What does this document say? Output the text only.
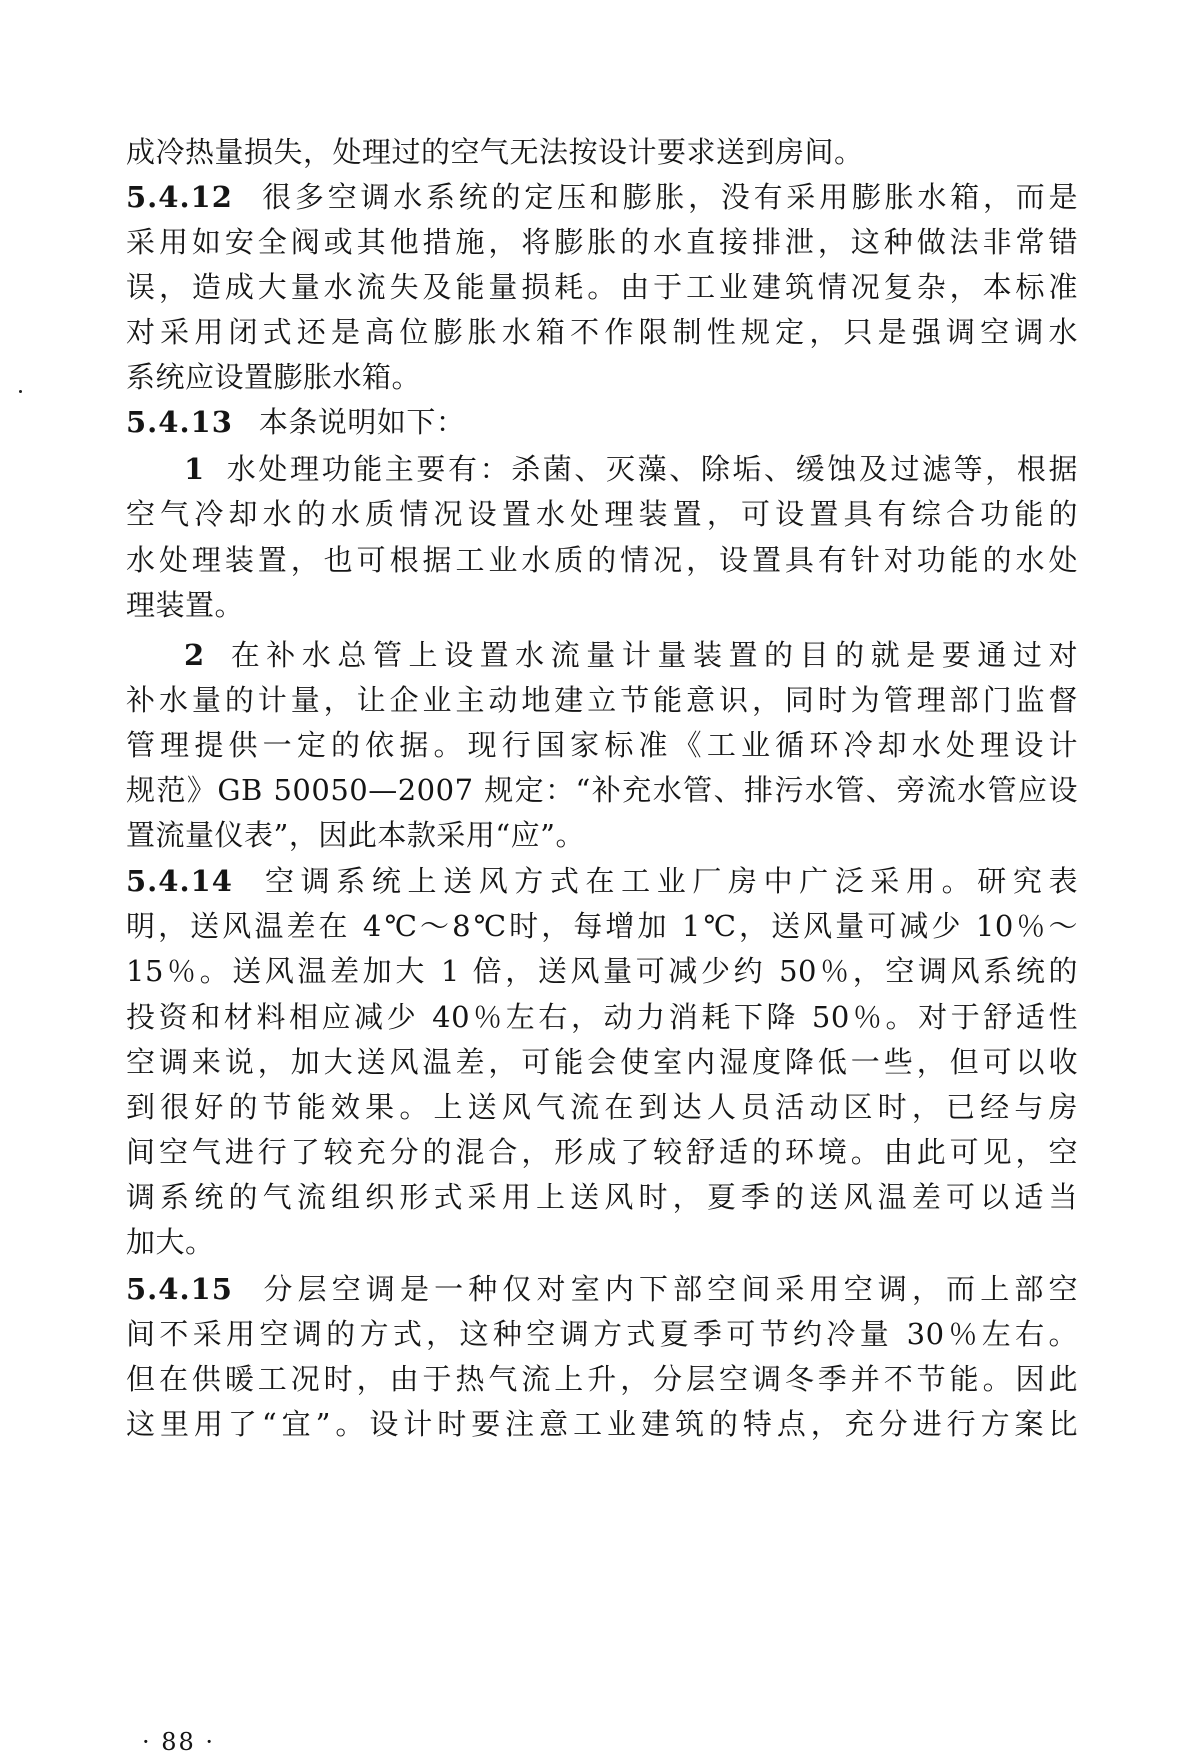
成冷热量损失，处理过的空气无法按设计要求送到房间。
5.4.12 很多空调水系统的定压和膨胀，没有采用膨胀水箱，而是
采用如安全阀或其他措施，将膨胀的水直接排泄，这种做法非常错
误，造成大量水流失及能量损耗。由于工业建筑情况复杂，本标准
对采用闭式还是高位膨胀水箱不作限制性规定，只是强调空调水
系统应设置膨胀水箱。
5.4.13 本条说明如下：
1 水处理功能主要有：杀菌、灭藻、除垢、缓蚀及过滤等，根据
空气冷却水的水质情况设置水处理装置，可设置具有综合功能的
水处理装置，也可根据工业水质的情况，设置具有针对功能的水处
理装置。
2 在补水总管上设置水流量计量装置的目的就是要通过对
补水量的计量，让企业主动地建立节能意识，同时为管理部门监督
管理提供一定的依据。现行国家标准《工业循环冷却水处理设计
规范》GB 50050—2007 规定：“补充水管、排污水管、旁流水管应设
置流量仪表”，因此本款采用“应”。
5.4.14 空调系统上送风方式在工业厂房中广泛采用。研究表
明，送风温差在 4℃～8℃时，每增加 1℃，送风量可减少 10％～
15％。送风温差加大 1 倍，送风量可减少约 50％，空调风系统的
投资和材料相应减少 40％左右，动力消耗下降 50％。对于舒适性
空调来说，加大送风温差，可能会使室内湿度降低一些，但可以收
到很好的节能效果。上送风气流在到达人员活动区时，已经与房
间空气进行了较充分的混合，形成了较舒适的环境。由此可见，空
调系统的气流组织形式采用上送风时，夏季的送风温差可以适当
加大。
5.4.15 分层空调是一种仅对室内下部空间采用空调，而上部空
间不采用空调的方式，这种空调方式夏季可节约冷量 30％左右。
但在供暖工况时，由于热气流上升，分层空调冬季并不节能。因此
这里用了“宜”。设计时要注意工业建筑的特点，充分进行方案比
· 88 ·
